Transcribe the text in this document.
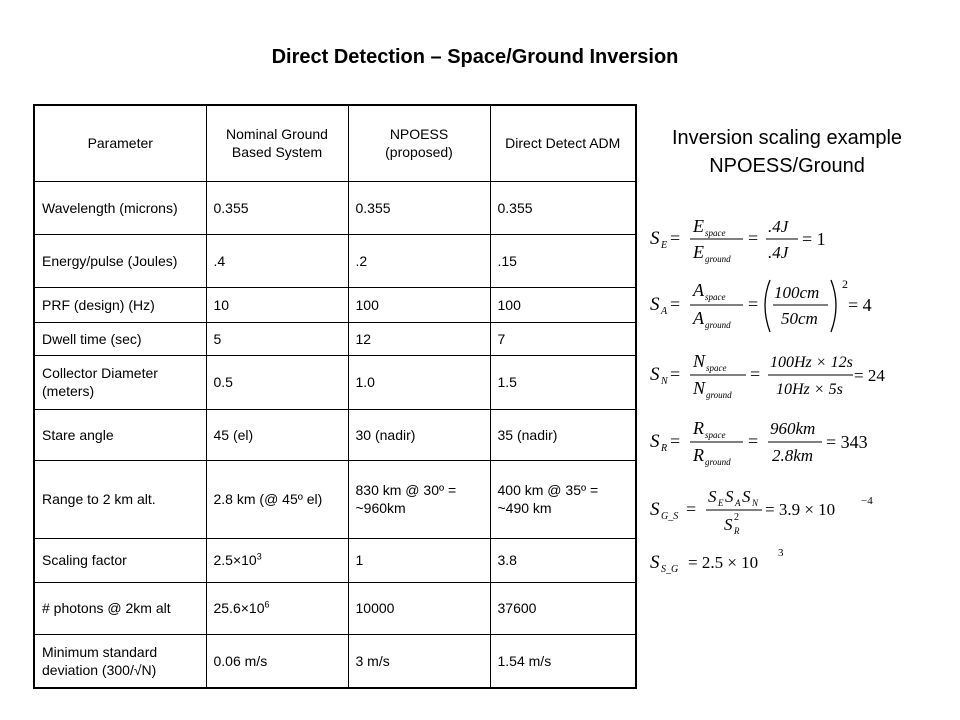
Direct Detection – Space/Ground Inversion
Parameter	Nominal Ground Based System	NPOESS (proposed)	Direct Detect ADM
Wavelength (microns)	0.355	0.355	0.355
Energy/pulse (Joules)	.4	.2	.15
PRF (design) (Hz)	10	100	100
Dwell time (sec)	5	12	7
Collector Diameter (meters)	0.5	1.0	1.5
Stare angle	45 (el)	30 (nadir)	35 (nadir)
Range to 2 km alt.	2.8 km (@ 45º el)	830 km @ 30º = ~960km	400 km @ 35º = ~490 km
Scaling factor	$2.5\times 10^3$	1	3.8
# photons @ 2km alt	$25.6\times 10^6$	10000	37600
Minimum standard deviation (300/√N)	0.06 m/s	3 m/s	1.54 m/s
Inversion scaling example
NPOESS/Ground
S E =
E space
E ground
=
.4J
.4J
= 1
S A =
A space
A ground
=
100cm
50cm
2
= 4
S N =
N space
N ground
=
100Hz × 12s
10Hz × 5s
= 24
S R =
R space
R ground
=
960km
2.8km
= 343
S G_S =
S E S A S N
S R
2 = 3.9 × 10 −4
S S_G = 2.5 × 10 3
